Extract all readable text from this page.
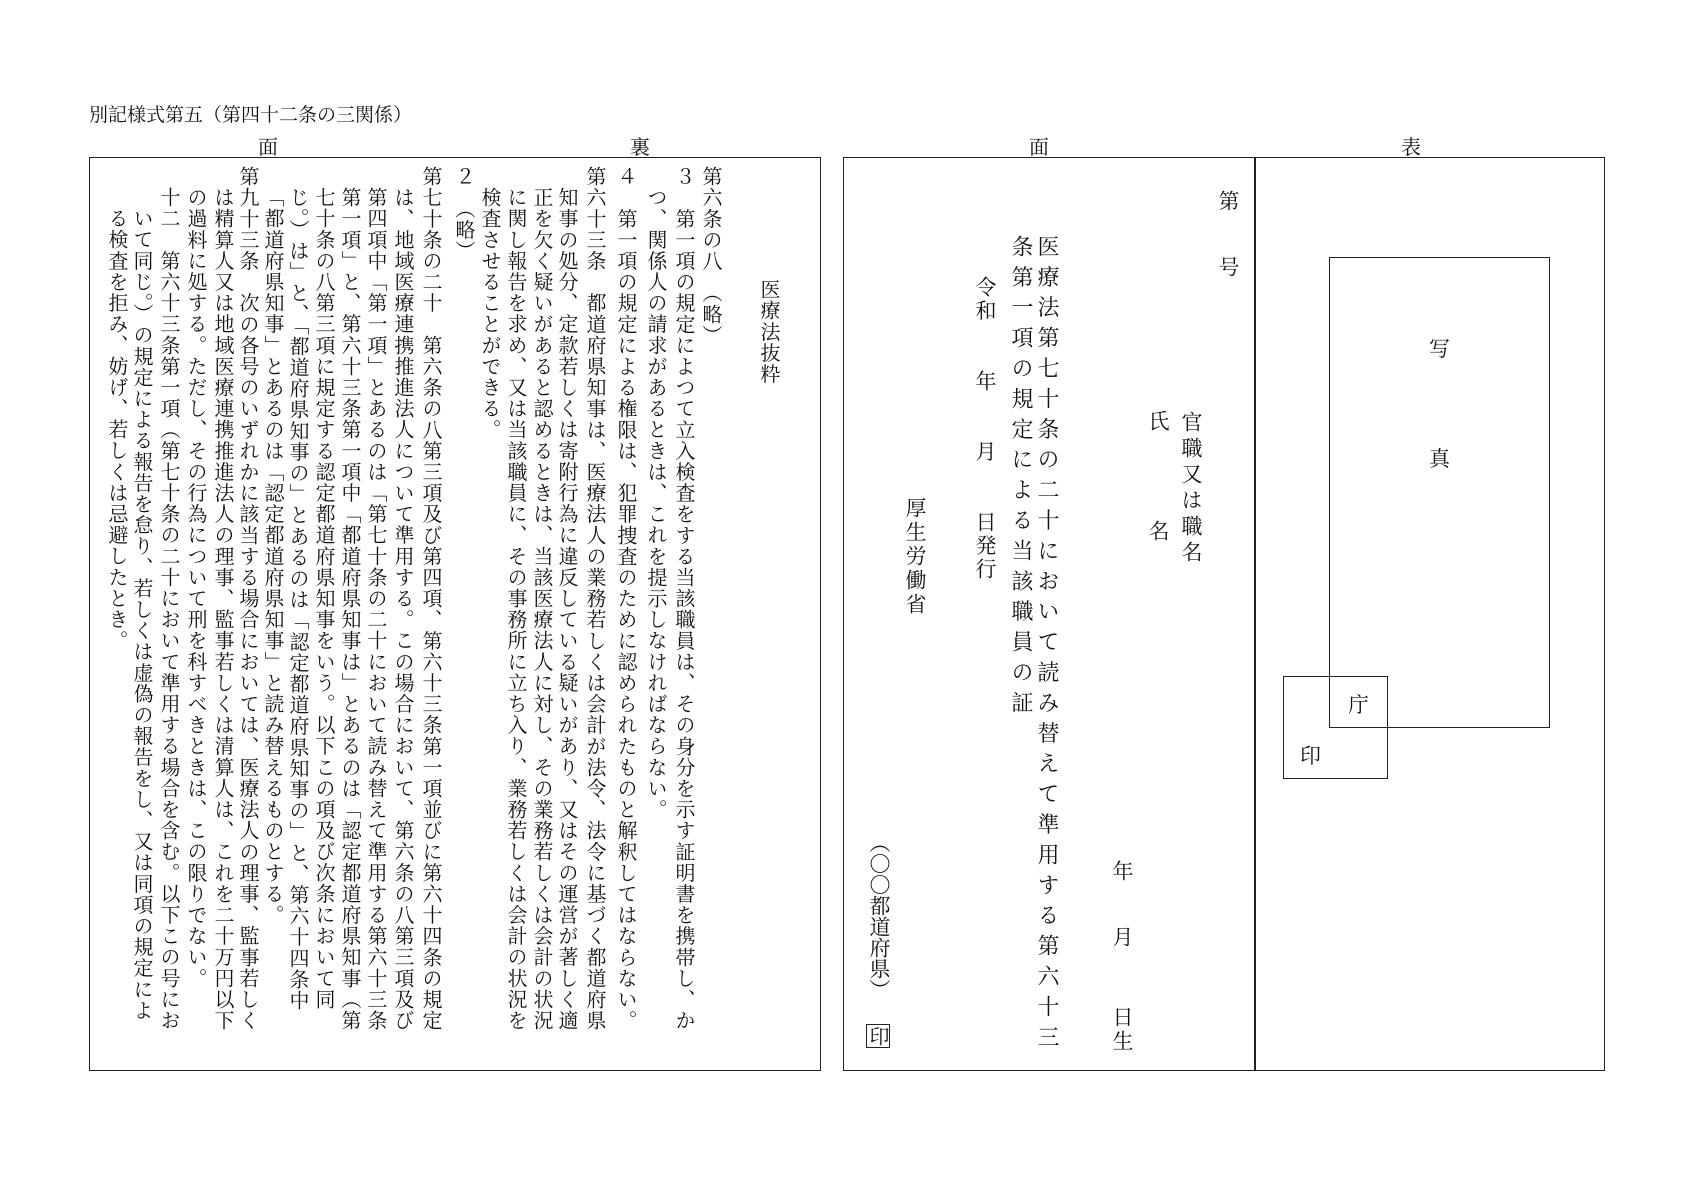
別記様式第五（第四十二条の三関係）
面	裏	面	表
医療法抜粋
第六条の八　（略）
３　第一項の規定によつて立入検査をする当該職員は、その身分を示す証明書を携帯し、か
つ、関係人の請求があるときは、これを提示しなければならない。
４　第一項の規定による権限は、犯罪捜査のために認められたものと解釈してはならない。
第六十三条　都道府県知事は、医療法人の業務若しくは会計が法令、法令に基づく都道府県
知事の処分、定款若しくは寄附行為に違反している疑いがあり、又はその運営が著しく適
正を欠く疑いがあると認めるときは、当該医療法人に対し、その業務若しくは会計の状況
に関し報告を求め、又は当該職員に、その事務所に立ち入り、業務若しくは会計の状況を
検査させることができる。
２　（略）
第七十条の二十　第六条の八第三項及び第四項、第六十三条第一項並びに第六十四条の規定
は、地域医療連携推進法人について準用する。この場合において、第六条の八第三項及び
第四項中「第一項」とあるのは「第七十条の二十において読み替えて準用する第六十三条
第一項」と、第六十三条第一項中「都道府県知事は」とあるのは「認定都道府県知事（第
七十条の八第三項に規定する認定都道府県知事をいう。以下この項及び次条において同
じ。）は」と、「都道府県知事の」とあるのは「認定都道府県知事の」と、第六十四条中
「都道府県知事」とあるのは「認定都道府県知事」と読み替えるものとする。
第九十三条　次の各号のいずれかに該当する場合においては、医療法人の理事、監事若しく
は精算人又は地域医療連携推進法人の理事、監事若しくは清算人は、これを二十万円以下
の過料に処する。ただし、その行為について刑を科すべきときは、この限りでない。
十二　第六十三条第一項（第七十条の二十において準用する場合を含む。以下この号にお
いて同じ。）の規定による報告を怠り、若しくは虚偽の報告をし、又は同項の規定によ
る検査を拒み、妨げ、若しくは忌避したとき。
第
号
官職又は職名
氏
名
年
月
日生
医療法第七十条の二十において読み替えて準用する第六十三
条第一項の規定による当該職員の証
令和　　年　　月　　日発行
厚生労働省
（〇〇都道府県）
印
写
真
庁
印
